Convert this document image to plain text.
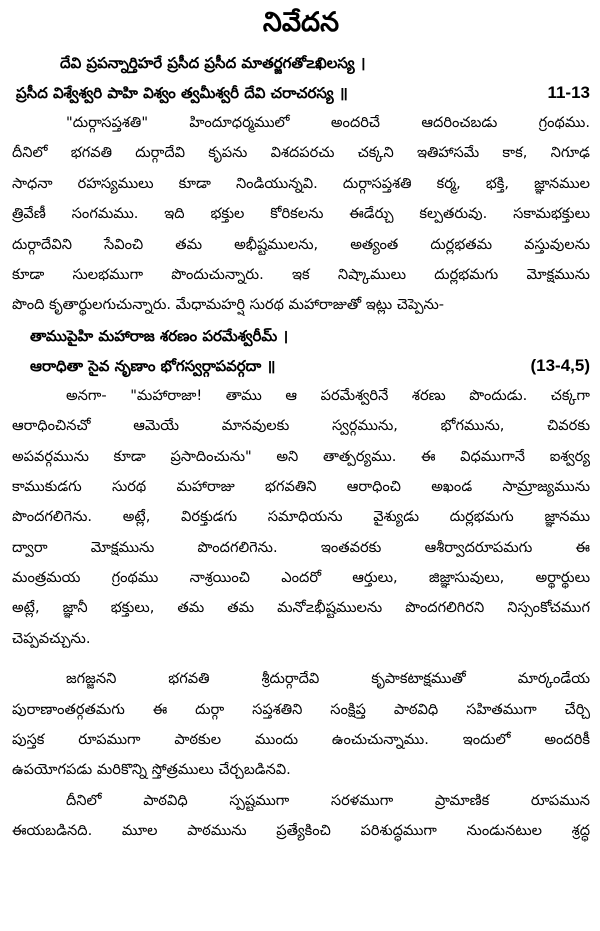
నివేదన
దేవి ప్రపన్నార్తిహరే ప్రసీద ప్రసీద మాతర్జగతో౽ఖిలస్య ।
ప్రసీద విశ్వేశ్వరి పాహి విశ్వం త్వమీశ్వరీ దేవి చరాచరస్య ॥	11-13
"దుర్గాసప్తశతి" హిందూధర్మములో అందరిచే ఆదరించబడు గ్రంథము.
దీనిలో భగవతి దుర్గాదేవి కృపను విశదపరచు చక్కని ఇతిహాసమే కాక, నిగూఢ
సాధనా రహస్యములు కూడా నిండియున్నవి. దుర్గాసప్తశతి కర్మ, భక్తి, జ్ఞానముల
త్రివేణీ సంగమము. ఇది భక్తుల కోరికలను ఈడేర్చు కల్పతరువు. సకామభక్తులు
దుర్గాదేవిని సేవించి తమ అభీష్టములను, అత్యంత దుర్లభతమ వస్తువులను
కూడా సులభముగా పొందుచున్నారు. ఇక నిష్కాములు దుర్లభమగు మోక్షమును
పొంది కృతార్థులగుచున్నారు. మేధామహర్షి సురథ మహారాజుతో ఇట్లు చెప్పెను-
తాముపైహి మహారాజ శరణం పరమేశ్వరీమ్ ।
ఆరాధితా సైవ నృణాం భోగస్వర్గాపవర్గదా ॥	(13-4,5)
అనగా- "మహారాజా! తాము ఆ పరమేశ్వరినే శరణు పొందుడు. చక్కగా
ఆరాధించినచో ఆమెయే మానవులకు స్వర్గమును, భోగమును, చివరకు
అపవర్గమును కూడా ప్రసాదించును" అని తాత్పర్యము. ఈ విధముగానే ఐశ్వర్య
కాముకుడగు సురథ మహారాజు భగవతిని ఆరాధించి అఖండ సామ్రాజ్యమును
పొందగలిగెను. అట్లే, విరక్తుడగు సమాధియను వైశ్యుడు దుర్లభమగు జ్ఞానము
ద్వారా మోక్షమును పొందగలిగెను. ఇంతవరకు ఆశీర్వాదరూపమగు ఈ
మంత్రమయ గ్రంథము నాశ్రయించి ఎందరో ఆర్తులు, జిజ్ఞాసువులు, అర్థార్థులు
అట్లే, జ్ఞానీ భక్తులు, తమ తమ మనో౽భీష్టములను పొందగలిగిరని నిస్సంకోచముగ
చెప్పవచ్చును.
జగజ్జనని భగవతి శ్రీదుర్గాదేవి కృపాకటాక్షముతో మార్కండేయ
పురాణాంతర్గతమగు ఈ దుర్గా సప్తశతిని సంక్షిప్త పాఠవిధి సహితముగా చేర్చి
పుస్తక రూపముగా పాఠకుల ముందు ఉంచుచున్నాము. ఇందులో అందరికీ
ఉపయోగపడు మరికొన్ని స్తోత్రములు చేర్చబడినవి.
దీనిలో పాఠవిధి స్పష్టముగా సరళముగా ప్రామాణిక రూపమున
ఈయబడినది. మూల పాఠమును ప్రత్యేకించి పరిశుద్ధముగా నుండునటుల శ్రద్ధ
